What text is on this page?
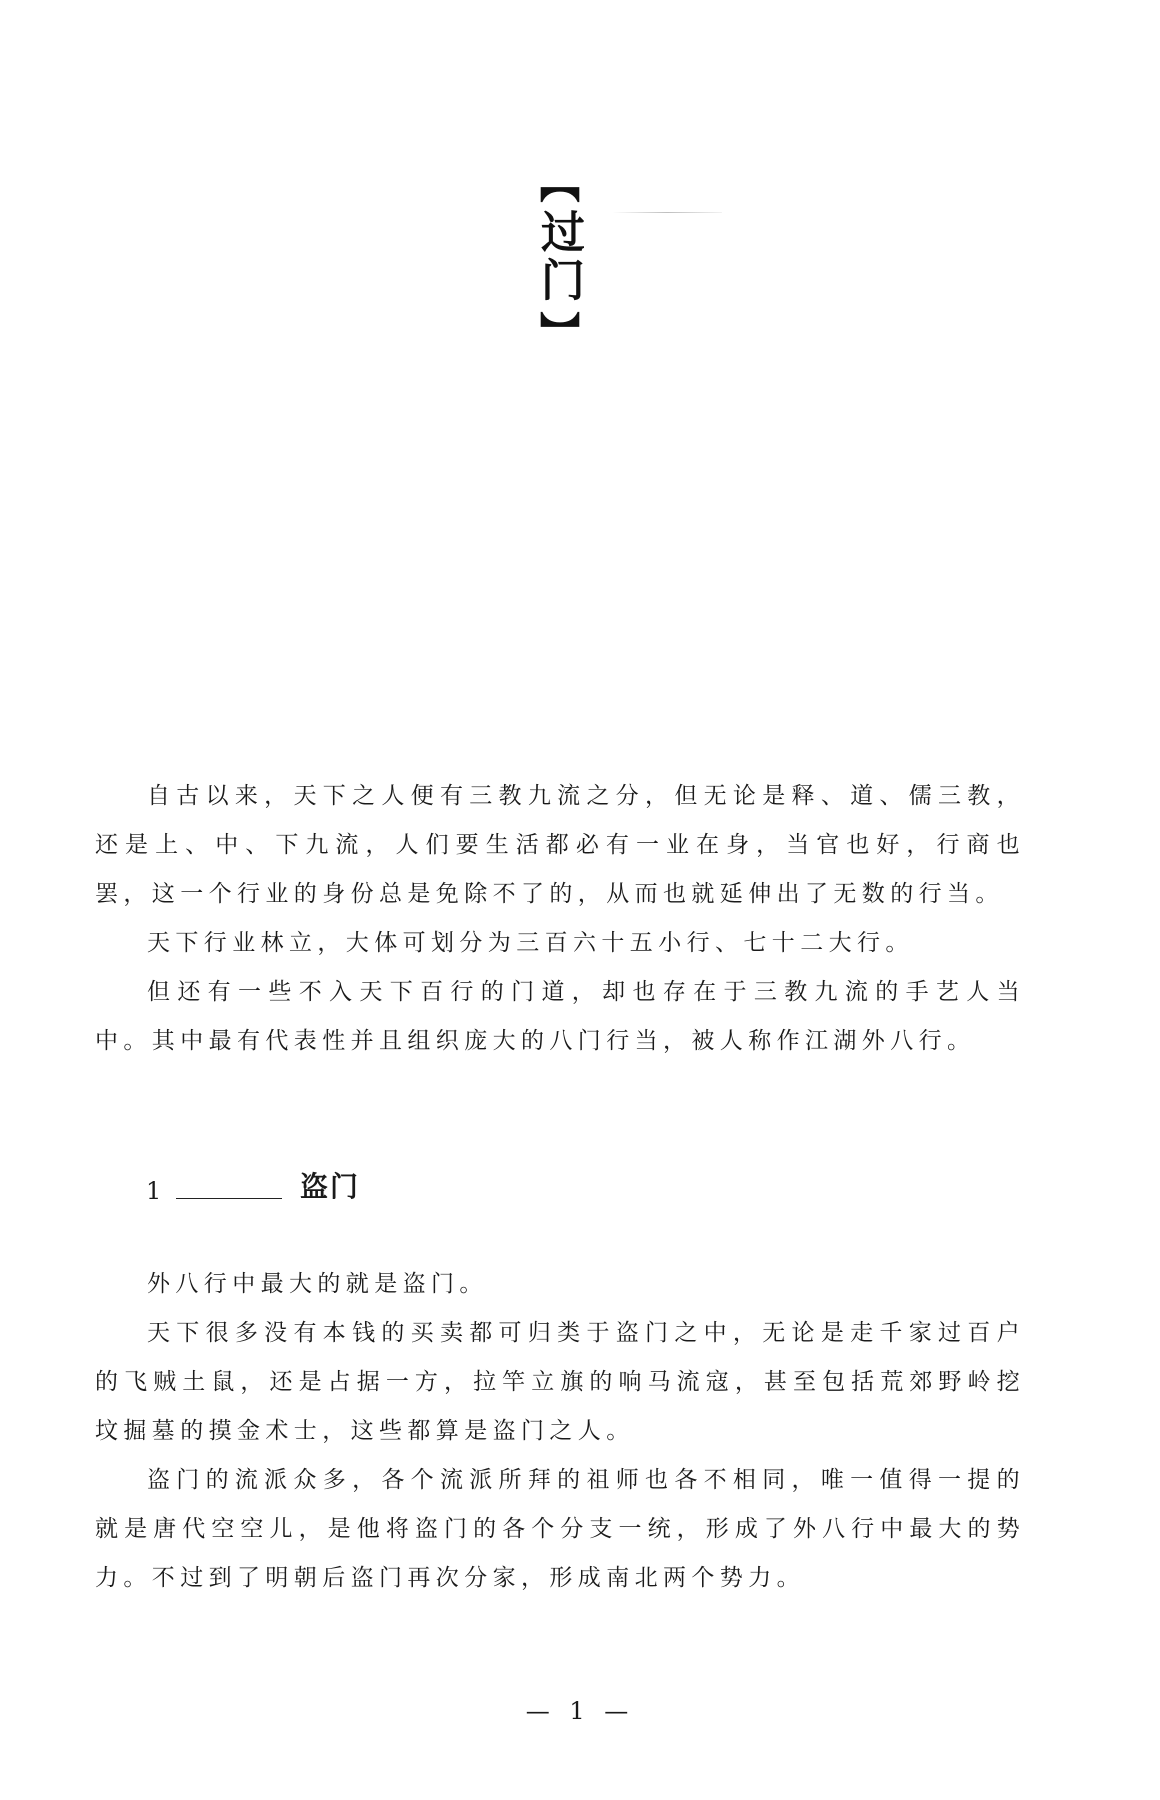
【
过门
】

自古以来，天下之人便有三教九流之分，但无论是释、道、儒三教，还是上、中、下九流，人们要生活都必有一业在身，当官也好，行商也罢，这一个行业的身份总是免除不了的，从而也就延伸出了无数的行当。

天下行业林立，大体可划分为三百六十五小行、七十二大行。

但还有一些不入天下百行的门道，却也存在于三教九流的手艺人当中。其中最有代表性并且组织庞大的八门行当，被人称作江湖外八行。

1	盗门

外八行中最大的就是盗门。

天下很多没有本钱的买卖都可归类于盗门之中，无论是走千家过百户的飞贼土鼠，还是占据一方，拉竿立旗的响马流寇，甚至包括荒郊野岭挖坟掘墓的摸金术士，这些都算是盗门之人。

盗门的流派众多，各个流派所拜的祖师也各不相同，唯一值得一提的就是唐代空空儿，是他将盗门的各个分支一统，形成了外八行中最大的势力。不过到了明朝后盗门再次分家，形成南北两个势力。

— 1 —
